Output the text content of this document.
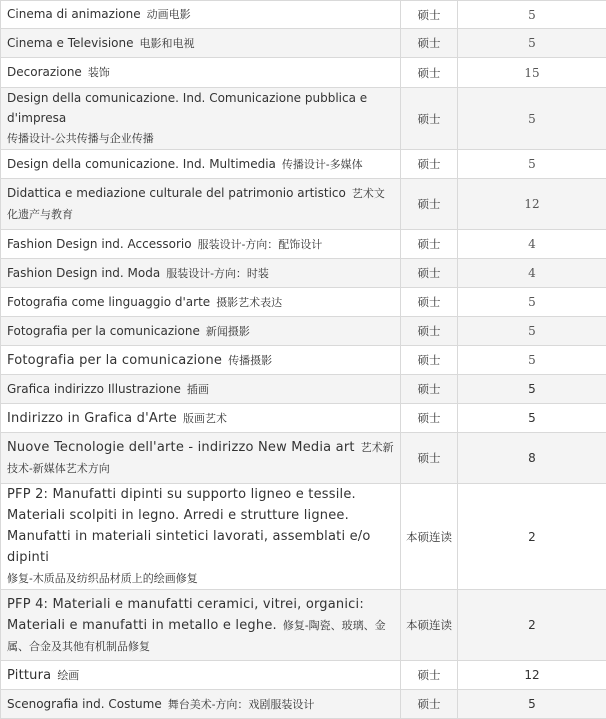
Cinema di animazione 动画电影	硕士	5
Cinema e Televisione 电影和电视	硕士	5
Decorazione 装饰	硕士	15
Design della comunicazione. Ind. Comunicazione pubblica e d'impresa
传播设计-公共传播与企业传播	硕士	5
Design della comunicazione. Ind. Multimedia 传播设计-多媒体	硕士	5
Didattica e mediazione culturale del patrimonio artistico 艺术文化遗产与教育	硕士	12
Fashion Design ind. Accessorio 服装设计-方向：配饰设计	硕士	4
Fashion Design ind. Moda 服装设计-方向：时装	硕士	4
Fotografia come linguaggio d'arte 摄影艺术表达	硕士	5
Fotografia per la comunicazione 新闻摄影	硕士	5
Fotografia per la comunicazione 传播摄影	硕士	5
Grafica indirizzo Illustrazione 插画	硕士	5
Indirizzo in Grafica d'Arte 版画艺术	硕士	5
Nuove Tecnologie dell'arte - indirizzo New Media art 艺术新技术-新媒体艺术方向	硕士	8
PFP 2: Manufatti dipinti su supporto ligneo e tessile. Materiali scolpiti in legno. Arredi e strutture lignee. Manufatti in materiali sintetici lavorati, assemblati e/o dipinti
修复-木质品及纺织品材质上的绘画修复	本硕连读	2
PFP 4: Materiali e manufatti ceramici, vitrei, organici: Materiali e manufatti in metallo e leghe. 修复-陶瓷、玻璃、金属、合金及其他有机制品修复	本硕连读	2
Pittura 绘画	硕士	12
Scenografia ind. Costume 舞台美术-方向：戏剧服装设计	硕士	5
